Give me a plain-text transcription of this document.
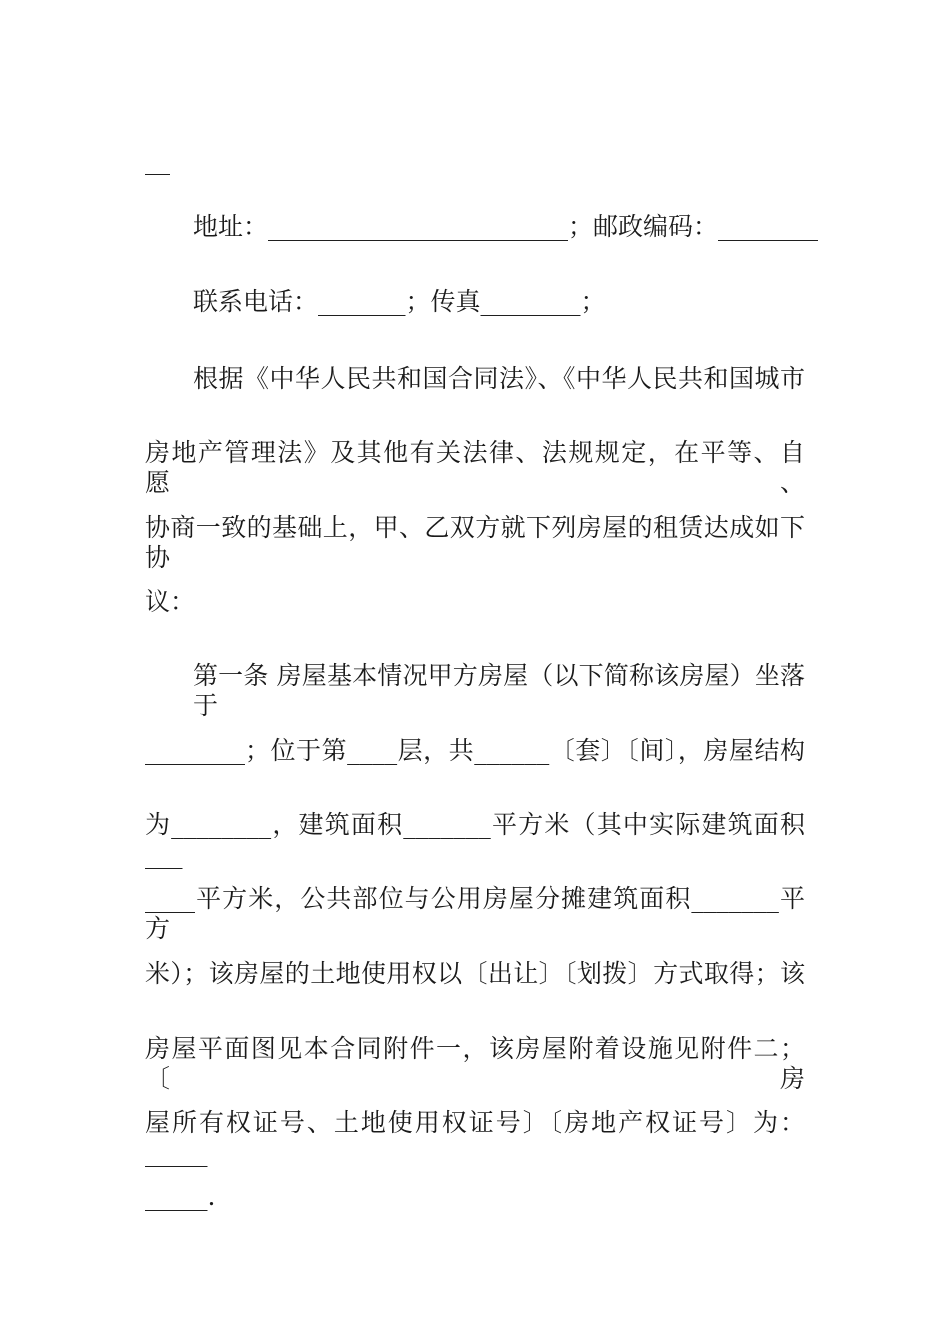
__
地址：________________________；邮政编码：________
联系电话：_______；传真________；
根据《中华人民共和国合同法》、《中华人民共和国城市
房地产管理法》及其他有关法律、法规规定，在平等、自愿、
协商一致的基础上，甲、乙双方就下列房屋的租赁达成如下协
议：
第一条 房屋基本情况甲方房屋（以下简称该房屋）坐落于
________；位于第____层，共______〔套〕〔间〕，房屋结构
为________，建筑面积_______平方米（其中实际建筑面积___
____平方米，公共部位与公用房屋分摊建筑面积_______平方
米）；该房屋的土地使用权以〔出让〕〔划拨〕方式取得；该
房屋平面图见本合同附件一，该房屋附着设施见附件二；〔房
屋所有权证号、土地使用权证号〕〔房地产权证号〕为：_____
_____.
